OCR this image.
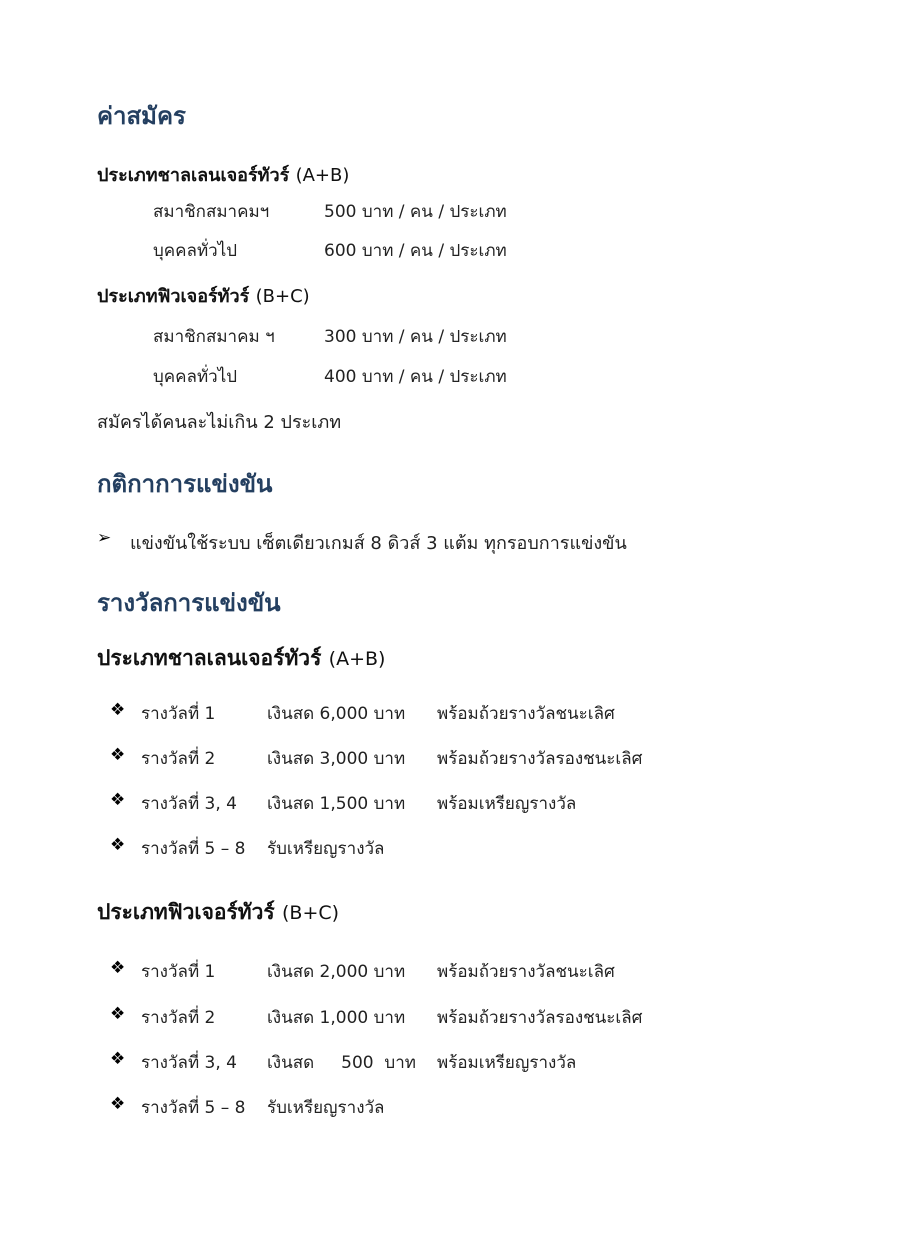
ค่าสมัคร
ประเภทชาลเลนเจอร์ทัวร์ (A+B)
สมาชิกสมาคมฯ	500 บาท / คน / ประเภท
บุคคลทั่วไป	600 บาท / คน / ประเภท
ประเภทฟิวเจอร์ทัวร์ (B+C)
สมาชิกสมาคม ฯ	300 บาท / คน / ประเภท
บุคคลทั่วไป	400 บาท / คน / ประเภท
สมัครได้คนละไม่เกิน 2 ประเภท
กติกาการแข่งขัน
➢ แข่งขันใช้ระบบ เซ็ตเดียวเกมส์ 8 ดิวส์ 3 แต้ม ทุกรอบการแข่งขัน
รางวัลการแข่งขัน
ประเภทชาลเลนเจอร์ทัวร์ (A+B)
❖ รางวัลที่ 1	เงินสด 6,000 บาท พร้อมถ้วยรางวัลชนะเลิศ
❖ รางวัลที่ 2	เงินสด 3,000 บาท พร้อมถ้วยรางวัลรองชนะเลิศ
❖ รางวัลที่ 3, 4 เงินสด 1,500 บาท พร้อมเหรียญรางวัล
❖ รางวัลที่ 5 – 8 รับเหรียญรางวัล
ประเภทฟิวเจอร์ทัวร์ (B+C)
❖ รางวัลที่ 1	เงินสด 2,000 บาท พร้อมถ้วยรางวัลชนะเลิศ
❖ รางวัลที่ 2	เงินสด 1,000 บาท พร้อมถ้วยรางวัลรองชนะเลิศ
❖ รางวัลที่ 3, 4 เงินสด     500  บาท พร้อมเหรียญรางวัล
❖ รางวัลที่ 5 – 8 รับเหรียญรางวัล
